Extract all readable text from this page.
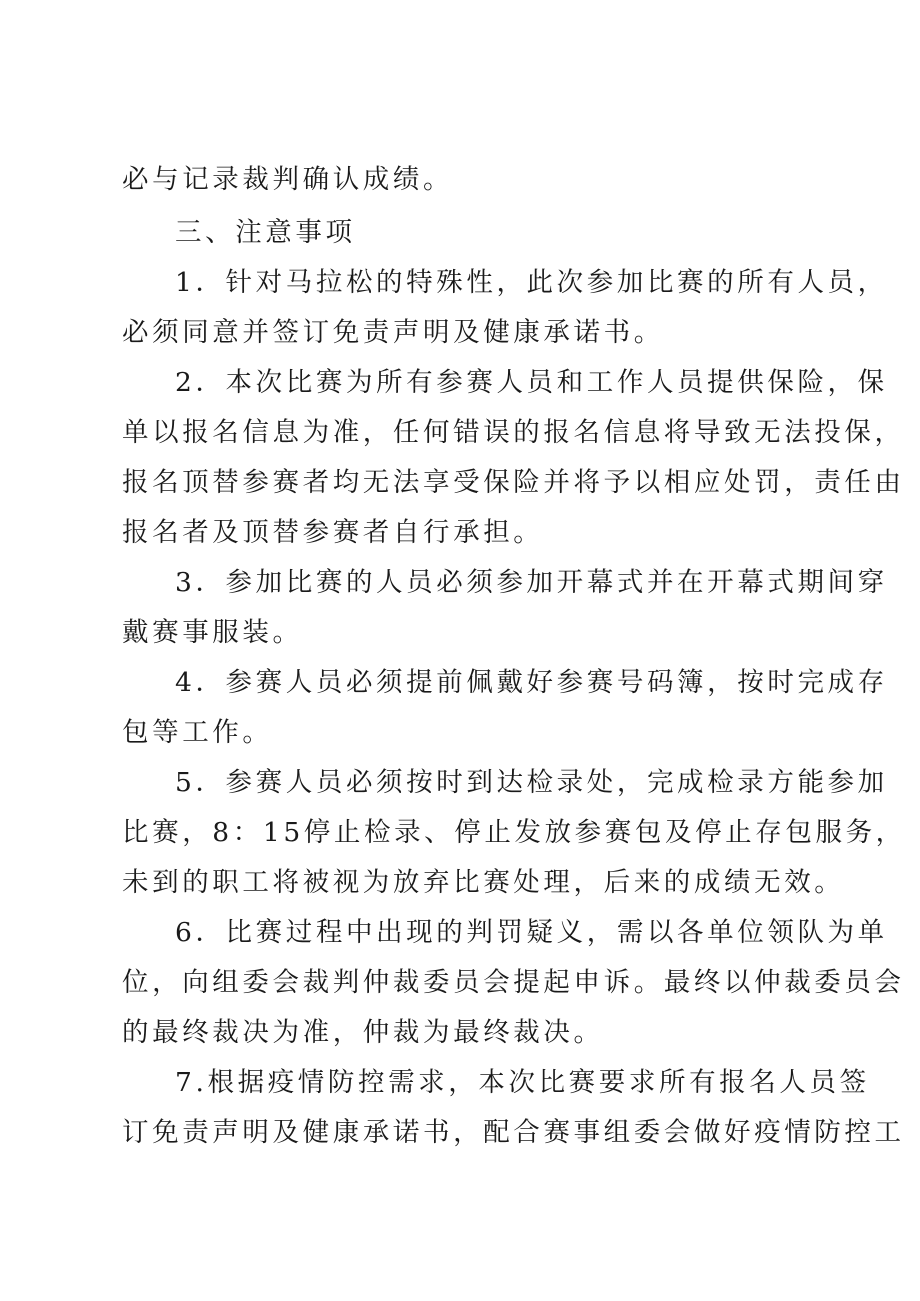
必与记录裁判确认成绩。
三、注意事项
1．针对马拉松的特殊性，此次参加比赛的所有人员，
必须同意并签订免责声明及健康承诺书。
2．本次比赛为所有参赛人员和工作人员提供保险，保
单以报名信息为准，任何错误的报名信息将导致无法投保，
报名顶替参赛者均无法享受保险并将予以相应处罚，责任由
报名者及顶替参赛者自行承担。
3．参加比赛的人员必须参加开幕式并在开幕式期间穿
戴赛事服装。
4．参赛人员必须提前佩戴好参赛号码簿，按时完成存
包等工作。
5．参赛人员必须按时到达检录处，完成检录方能参加
比赛，8：15停止检录、停止发放参赛包及停止存包服务，
未到的职工将被视为放弃比赛处理，后来的成绩无效。
6．比赛过程中出现的判罚疑义，需以各单位领队为单
位，向组委会裁判仲裁委员会提起申诉。最终以仲裁委员会
的最终裁决为准，仲裁为最终裁决。
7.根据疫情防控需求，本次比赛要求所有报名人员签
订免责声明及健康承诺书，配合赛事组委会做好疫情防控工
